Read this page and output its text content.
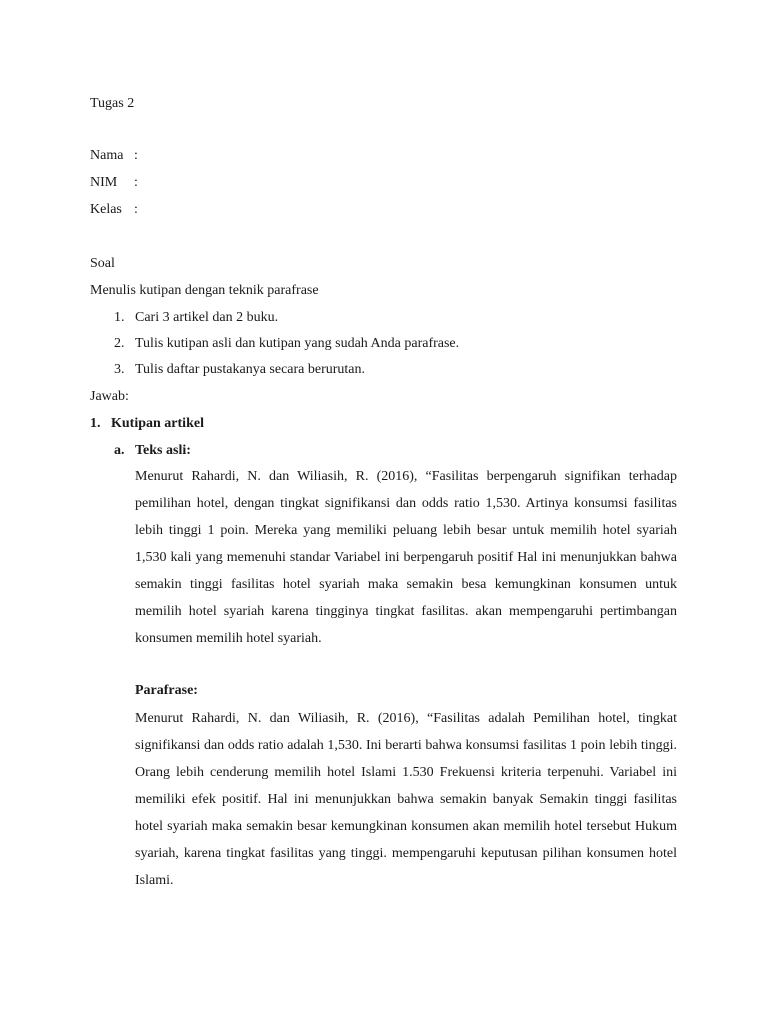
Tugas 2
Nama :
NIM :
Kelas :
Soal
Menulis kutipan dengan teknik parafrase
1. Cari 3 artikel dan 2 buku.
2. Tulis kutipan asli dan kutipan yang sudah Anda parafrase.
3. Tulis daftar pustakanya secara berurutan.
Jawab:
1. Kutipan artikel
a. Teks asli:
Menurut Rahardi, N. dan Wiliasih, R. (2016), “Fasilitas berpengaruh signifikan terhadap pemilihan hotel, dengan tingkat signifikansi dan odds ratio 1,530. Artinya konsumsi fasilitas lebih tinggi 1 poin. Mereka yang memiliki peluang lebih besar untuk memilih hotel syariah 1,530 kali yang memenuhi standar Variabel ini berpengaruh positif Hal ini menunjukkan bahwa semakin tinggi fasilitas hotel syariah maka semakin besa kemungkinan konsumen untuk memilih hotel syariah karena tingginya tingkat fasilitas. akan mempengaruhi pertimbangan konsumen memilih hotel syariah.
Parafrase:
Menurut Rahardi, N. dan Wiliasih, R. (2016), “Fasilitas adalah Pemilihan hotel, tingkat signifikansi dan odds ratio adalah 1,530. Ini berarti bahwa konsumsi fasilitas 1 poin lebih tinggi. Orang lebih cenderung memilih hotel Islami 1.530 Frekuensi kriteria terpenuhi. Variabel ini memiliki efek positif. Hal ini menunjukkan bahwa semakin banyak Semakin tinggi fasilitas hotel syariah maka semakin besar kemungkinan konsumen akan memilih hotel tersebut Hukum syariah, karena tingkat fasilitas yang tinggi. mempengaruhi keputusan pilihan konsumen hotel Islami.
